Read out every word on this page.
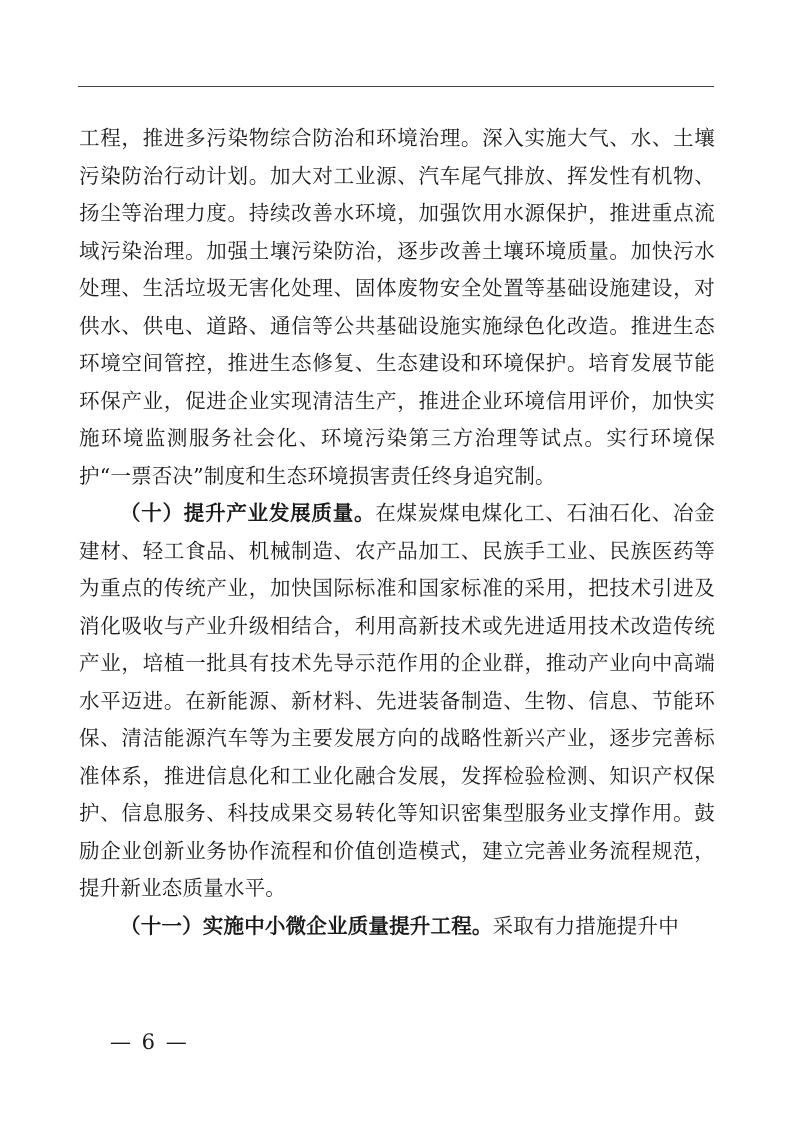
工程，推进多污染物综合防治和环境治理。深入实施大气、水、土壤污染防治行动计划。加大对工业源、汽车尾气排放、挥发性有机物、扬尘等治理力度。持续改善水环境，加强饮用水源保护，推进重点流域污染治理。加强土壤污染防治，逐步改善土壤环境质量。加快污水处理、生活垃圾无害化处理、固体废物安全处置等基础设施建设，对供水、供电、道路、通信等公共基础设施实施绿色化改造。推进生态环境空间管控，推进生态修复、生态建设和环境保护。培育发展节能环保产业，促进企业实现清洁生产，推进企业环境信用评价，加快实施环境监测服务社会化、环境污染第三方治理等试点。实行环境保护“一票否决”制度和生态环境损害责任终身追究制。

（十）提升产业发展质量。在煤炭煤电煤化工、石油石化、冶金建材、轻工食品、机械制造、农产品加工、民族手工业、民族医药等为重点的传统产业，加快国际标准和国家标准的采用，把技术引进及消化吸收与产业升级相结合，利用高新技术或先进适用技术改造传统产业，培植一批具有技术先导示范作用的企业群，推动产业向中高端水平迈进。在新能源、新材料、先进装备制造、生物、信息、节能环保、清洁能源汽车等为主要发展方向的战略性新兴产业，逐步完善标准体系，推进信息化和工业化融合发展，发挥检验检测、知识产权保护、信息服务、科技成果交易转化等知识密集型服务业支撑作用。鼓励企业创新业务协作流程和价值创造模式，建立完善业务流程规范，提升新业态质量水平。

（十一）实施中小微企业质量提升工程。采取有力措施提升中

— 6 —
